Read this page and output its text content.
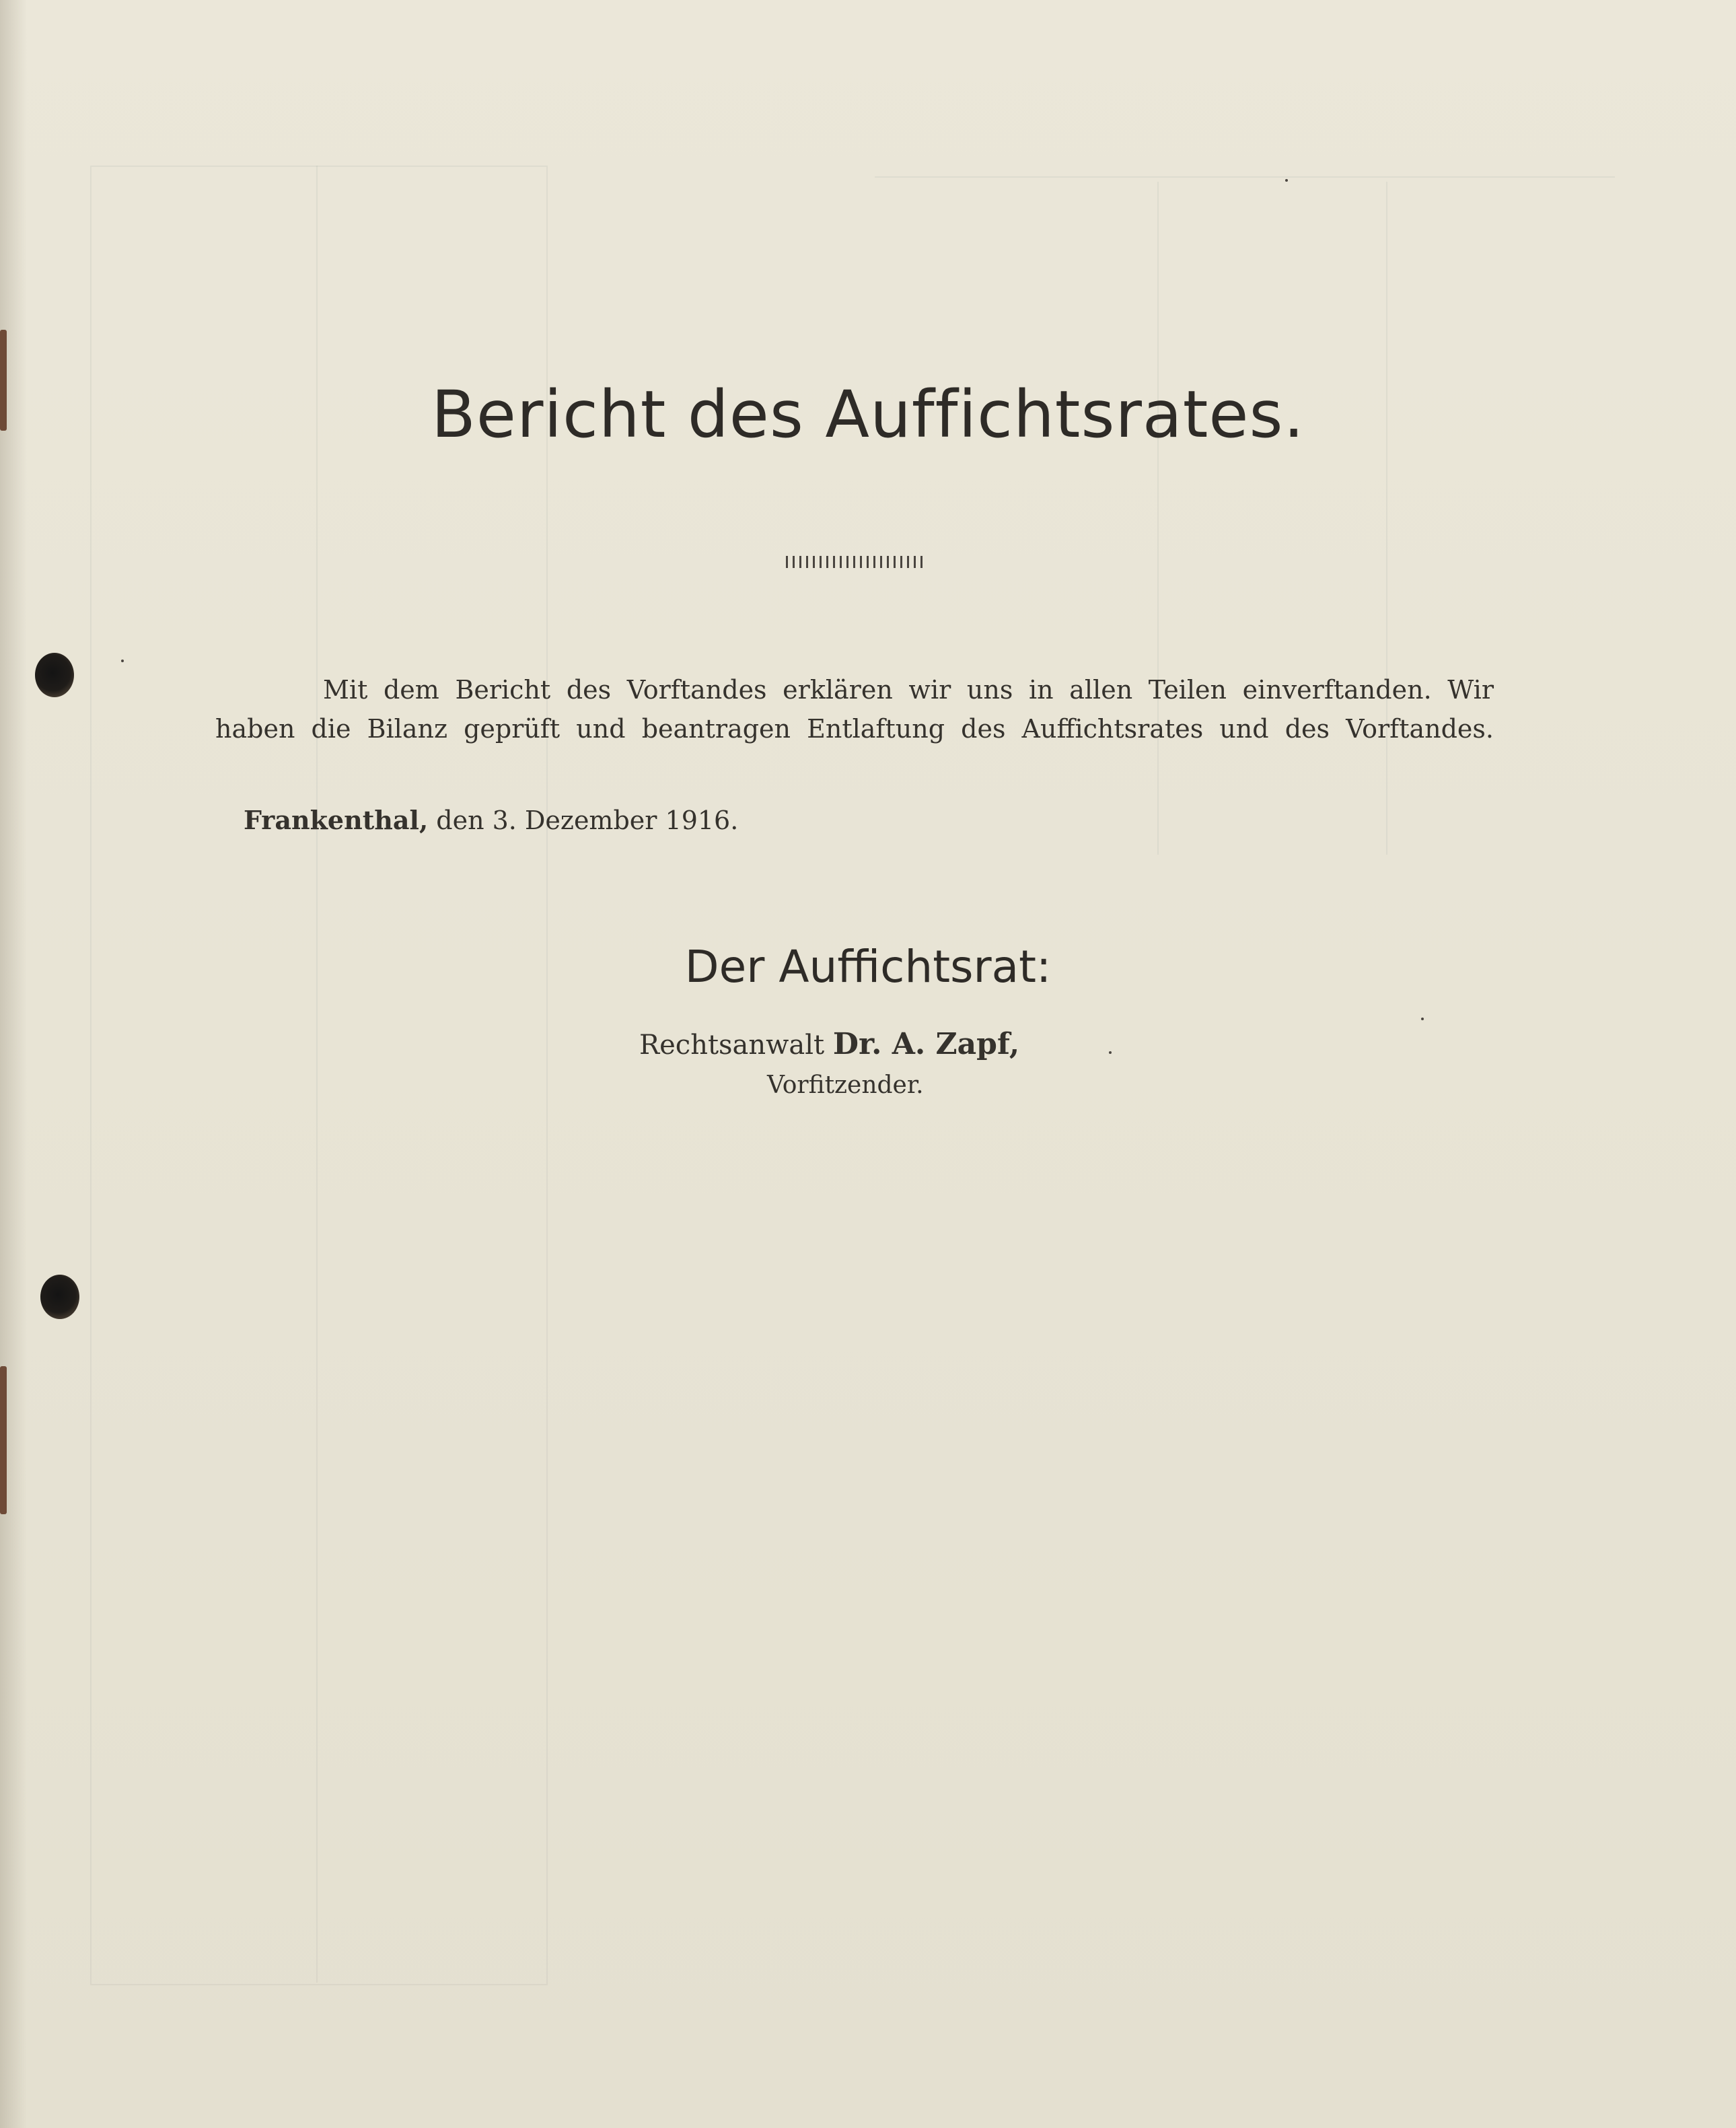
Bericht des Auffichtsrates.
Mit dem Bericht des Vorftandes erklären wir uns in allen Teilen einverftanden. Wir
haben die Bilanz geprüft und beantragen Entlaftung des Auffichtsrates und des Vorftandes.
Frankenthal, den 3. Dezember 1916.
Der Auffichtsrat:
Rechtsanwalt Dr. A. Zapf,
Vorfitzender.
